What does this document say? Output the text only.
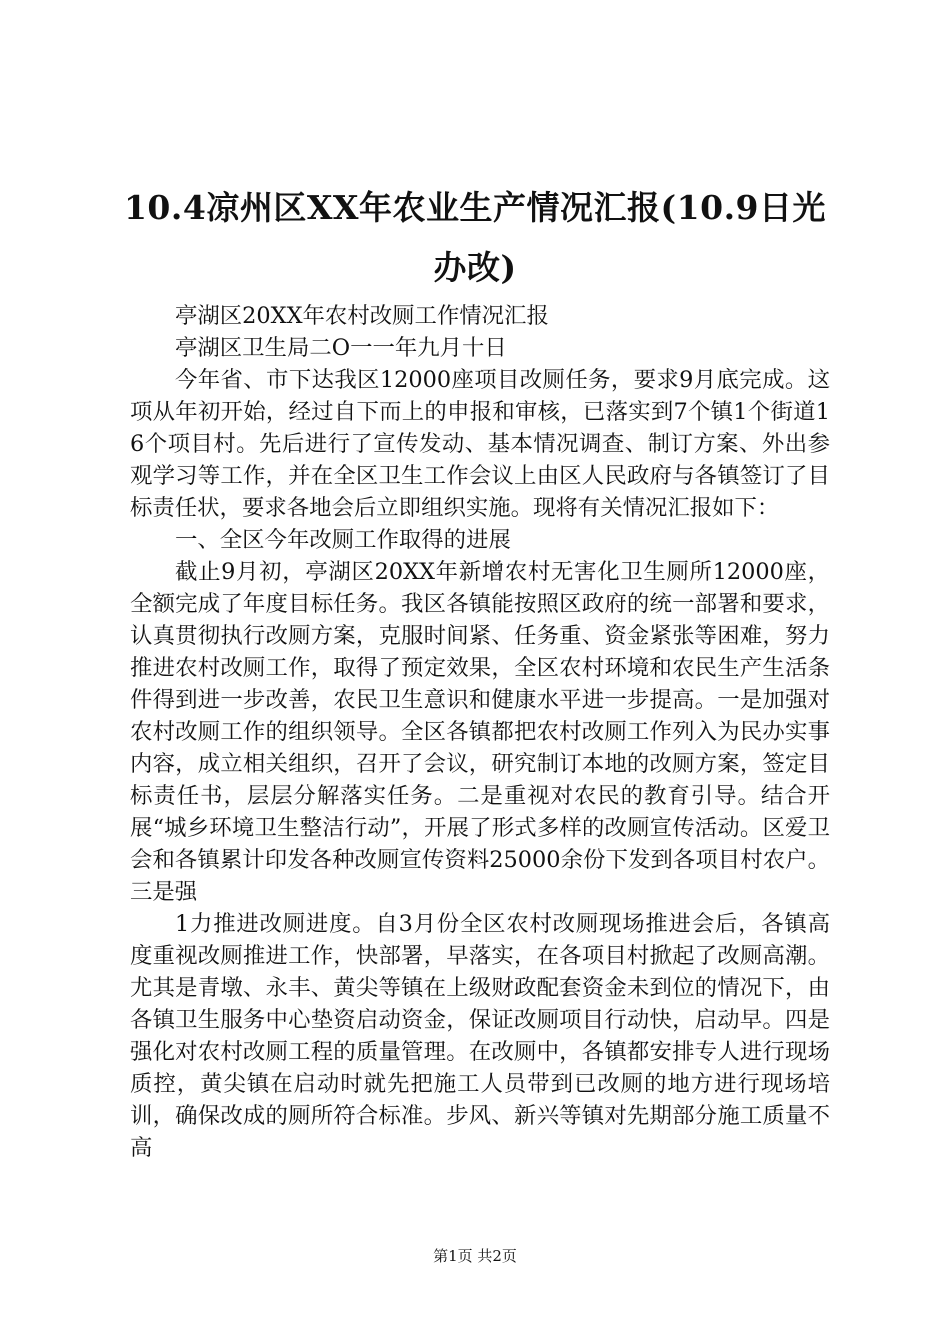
10.4凉州区XX年农业生产情况汇报(10.9日光办改)

亭湖区20XX年农村改厕工作情况汇报

亭湖区卫生局二O一一年九月十日

今年省、市下达我区12000座项目改厕任务，要求9月底完成。这项从年初开始，经过自下而上的申报和审核，已落实到7个镇1个街道16个项目村。先后进行了宣传发动、基本情况调查、制订方案、外出参观学习等工作，并在全区卫生工作会议上由区人民政府与各镇签订了目标责任状，要求各地会后立即组织实施。现将有关情况汇报如下：

一、全区今年改厕工作取得的进展

截止9月初，亭湖区20XX年新增农村无害化卫生厕所12000座，全额完成了年度目标任务。我区各镇能按照区政府的统一部署和要求，认真贯彻执行改厕方案，克服时间紧、任务重、资金紧张等困难，努力推进农村改厕工作，取得了预定效果，全区农村环境和农民生产生活条件得到进一步改善，农民卫生意识和健康水平进一步提高。一是加强对农村改厕工作的组织领导。全区各镇都把农村改厕工作列入为民办实事内容，成立相关组织，召开了会议，研究制订本地的改厕方案，签定目标责任书，层层分解落实任务。二是重视对农民的教育引导。结合开展“城乡环境卫生整洁行动”，开展了形式多样的改厕宣传活动。区爱卫会和各镇累计印发各种改厕宣传资料25000余份下发到各项目村农户。三是强

1力推进改厕进度。自3月份全区农村改厕现场推进会后，各镇高度重视改厕推进工作，快部署，早落实，在各项目村掀起了改厕高潮。尤其是青墩、永丰、黄尖等镇在上级财政配套资金未到位的情况下，由各镇卫生服务中心垫资启动资金，保证改厕项目行动快，启动早。四是强化对农村改厕工程的质量管理。在改厕中，各镇都安排专人进行现场质控，黄尖镇在启动时就先把施工人员带到已改厕的地方进行现场培训，确保改成的厕所符合标准。步风、新兴等镇对先期部分施工质量不高

第1页 共2页
